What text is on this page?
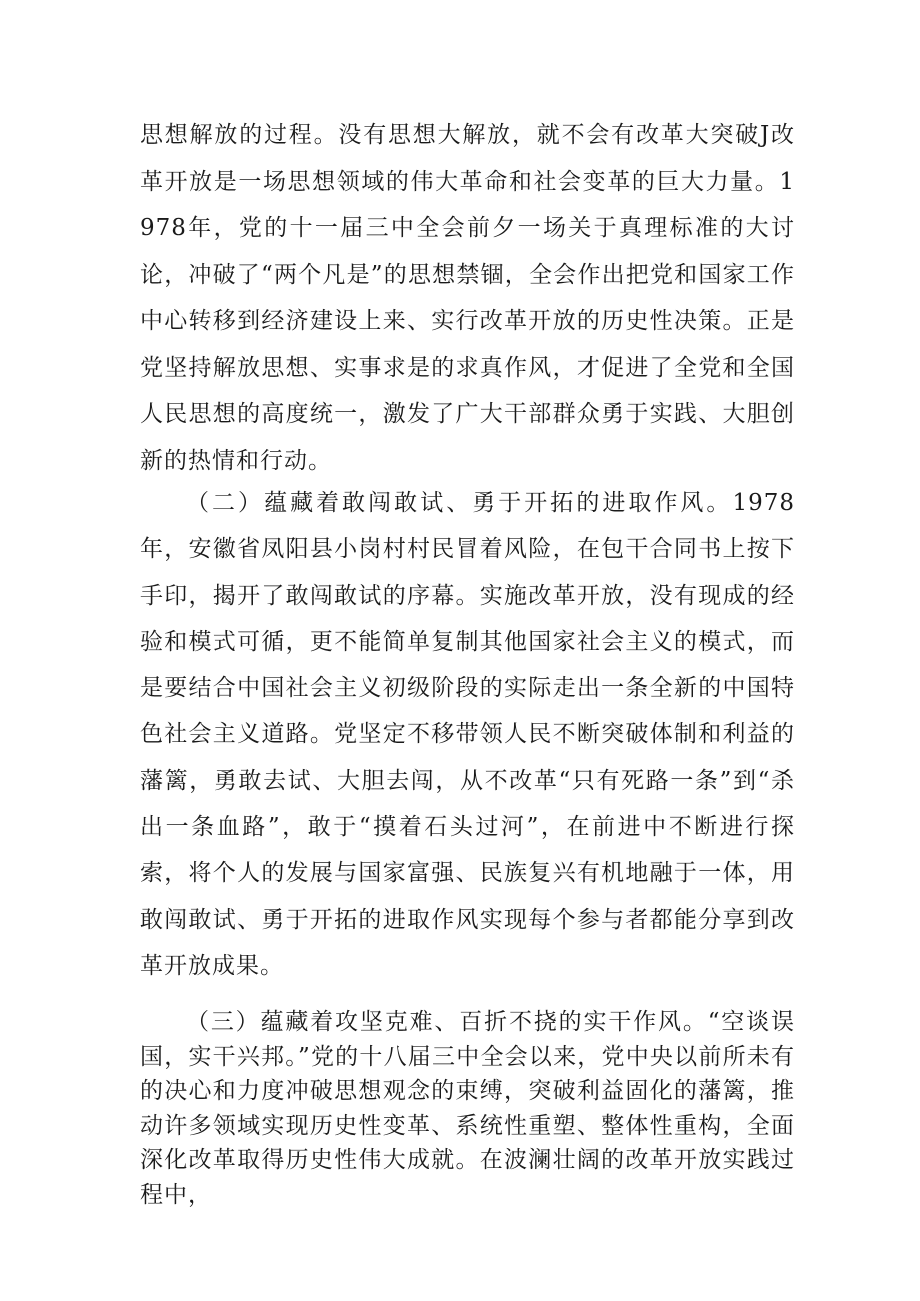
思想解放的过程。没有思想大解放，就不会有改革大突破J改革开放是一场思想领域的伟大革命和社会变革的巨大力量。1978年，党的十一届三中全会前夕一场关于真理标准的大讨论，冲破了“两个凡是”的思想禁锢，全会作出把党和国家工作中心转移到经济建设上来、实行改革开放的历史性决策。正是党坚持解放思想、实事求是的求真作风，才促进了全党和全国人民思想的高度统一，激发了广大干部群众勇于实践、大胆创新的热情和行动。

（二）蕴藏着敢闯敢试、勇于开拓的进取作风。1978年，安徽省凤阳县小岗村村民冒着风险，在包干合同书上按下手印，揭开了敢闯敢试的序幕。实施改革开放，没有现成的经验和模式可循，更不能简单复制其他国家社会主义的模式，而是要结合中国社会主义初级阶段的实际走出一条全新的中国特色社会主义道路。党坚定不移带领人民不断突破体制和利益的藩篱，勇敢去试、大胆去闯，从不改革“只有死路一条”到“杀出一条血路”，敢于“摸着石头过河”，在前进中不断进行探索，将个人的发展与国家富强、民族复兴有机地融于一体，用敢闯敢试、勇于开拓的进取作风实现每个参与者都能分享到改革开放成果。

（三）蕴藏着攻坚克难、百折不挠的实干作风。“空谈误国，实干兴邦。”党的十八届三中全会以来，党中央以前所未有的决心和力度冲破思想观念的束缚，突破利益固化的藩篱，推动许多领域实现历史性变革、系统性重塑、整体性重构，全面深化改革取得历史性伟大成就。在波澜壮阔的改革开放实践过程中，
